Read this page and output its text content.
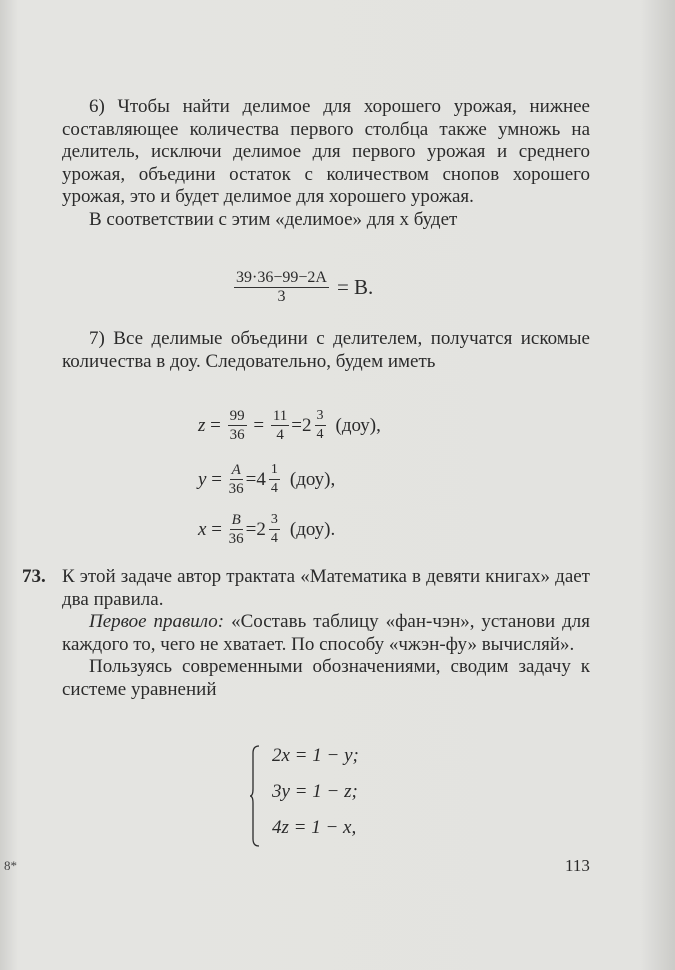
6) Чтобы найти делимое для хорошего урожая, нижнее составляющее количества первого столбца также умножь на делитель, исключи делимое для первого урожая и среднего урожая, объедини остаток с количеством снопов хорошего урожая, это и будет делимое для хорошего урожая.

В соответствии с этим «делимое» для x будет

$\frac{39\cdot 36-99-2A}{3} = B$.

7) Все делимые объедини с делителем, получатся искомые количества в доу. Следовательно, будем иметь

$z = \frac{99}{36} = \frac{11}{4} =2 \frac{3}{4} (доу)$,
$y = \frac{A}{36} =4 \frac{1}{4} (доу)$,
$x = \frac{B}{36} =2 \frac{3}{4} (доу)$.
73. К этой задаче автор трактата «Математика в девяти книгах» дает два правила.

Первое правило: «Составь таблицу «фан-чэн», установи для каждого то, чего не хватает. По способу «чжэн-фу» вычисляй».

Пользуясь современными обозначениями, сводим задачу к системе уравнений

2x = 1 − y;
3y = 1 − z;
4z = 1 − x,
8*	113
